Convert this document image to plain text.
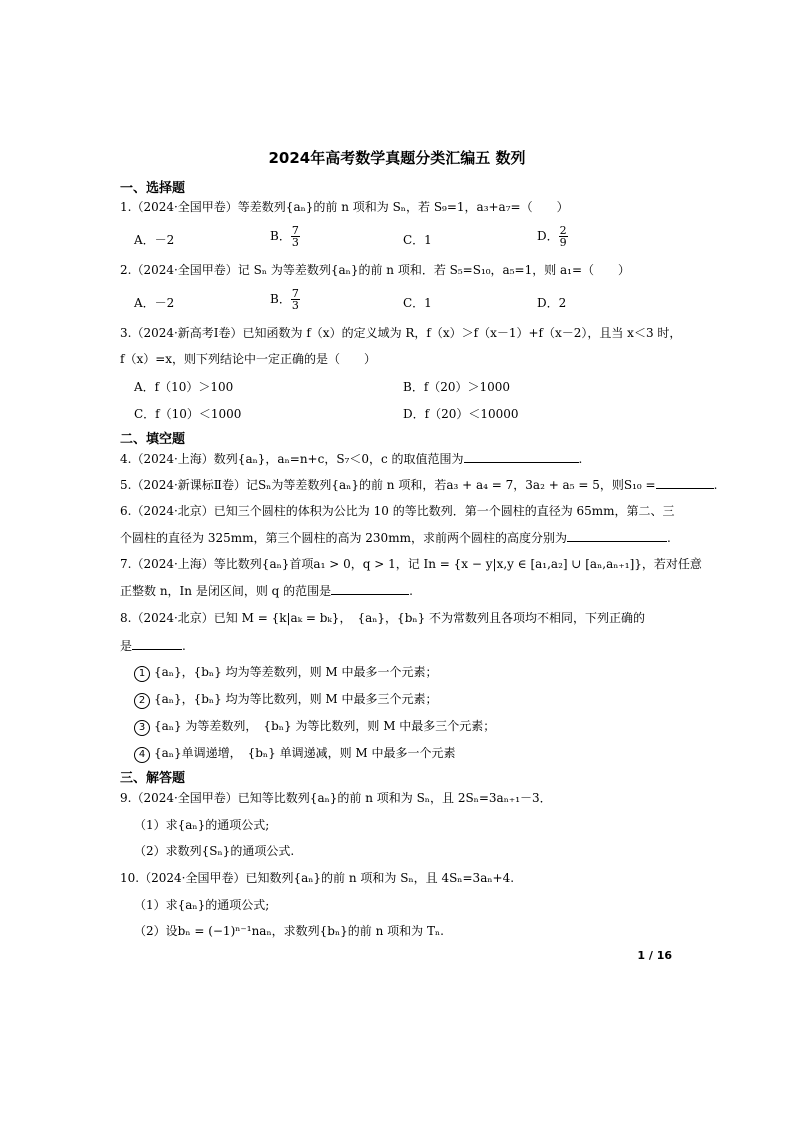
2024年高考数学真题分类汇编五 数列
一、选择题
1.（2024·全国甲卷）等差数列{aₙ}的前 n 项和为 Sₙ，若 S₉=1，a₃+a₇=（　　）
A．－2	B． $\frac{7}{3}$	C．1	D． $\frac{2}{9}$
2.（2024·全国甲卷）记 Sₙ 为等差数列{aₙ}的前 n 项和．若 S₅=S₁₀，a₅=1，则 a₁=（　　）
A．－2	B． $\frac{7}{3}$	C．1	D．2
3.（2024·新高考Ⅰ卷）已知函数为 f（x）的定义域为 R，f（x）＞f（x－1）+f（x－2），且当 x＜3 时，
f（x）=x，则下列结论中一定正确的是（　　）
A．f（10）＞100	B．f（20）＞1000
C．f（10）＜1000	D．f（20）＜10000
二、填空题
4.（2024·上海）数列{aₙ}，aₙ=n+c，S₇＜0，c 的取值范围为	.
5.（2024·新课标Ⅱ卷）记Sₙ为等差数列{aₙ}的前 n 项和，若a₃ + a₄ = 7，3a₂ + a₅ = 5，则S₁₀ =	.
6.（2024·北京）已知三个圆柱的体积为公比为 10 的等比数列．第一个圆柱的直径为 65mm，第二、三
个圆柱的直径为 325mm，第三个圆柱的高为 230mm，求前两个圆柱的高度分别为	.
7.（2024·上海）等比数列{aₙ}首项a₁ > 0，q > 1，记 In = {x − y|x,y ∈ [a₁,a₂] ∪ [aₙ,aₙ₊₁]}，若对任意
正整数 n，In 是闭区间，则 q 的范围是	.
8.（2024·北京）已知 M = {k|aₖ = bₖ}，　{aₙ}，{bₙ} 不为常数列且各项均不相同，下列正确的
是	.
1 {aₙ}，{bₙ} 均为等差数列，则 M 中最多一个元素；
2 {aₙ}，{bₙ} 均为等比数列，则 M 中最多三个元素；
3 {aₙ} 为等差数列，　{bₙ} 为等比数列，则 M 中最多三个元素；
4 {aₙ}单调递增，　{bₙ} 单调递减，则 M 中最多一个元素
三、解答题
9.（2024·全国甲卷）已知等比数列{aₙ}的前 n 项和为 Sₙ，且 2Sₙ=3aₙ₊₁－3．
（1）求{aₙ}的通项公式;
（2）求数列{Sₙ}的通项公式.
10.（2024·全国甲卷）已知数列{aₙ}的前 n 项和为 Sₙ，且 4Sₙ=3aₙ+4.
（1）求{aₙ}的通项公式;
（2）设bₙ = (−1)ⁿ⁻¹naₙ，求数列{bₙ}的前 n 项和为 Tₙ.
1 / 16
